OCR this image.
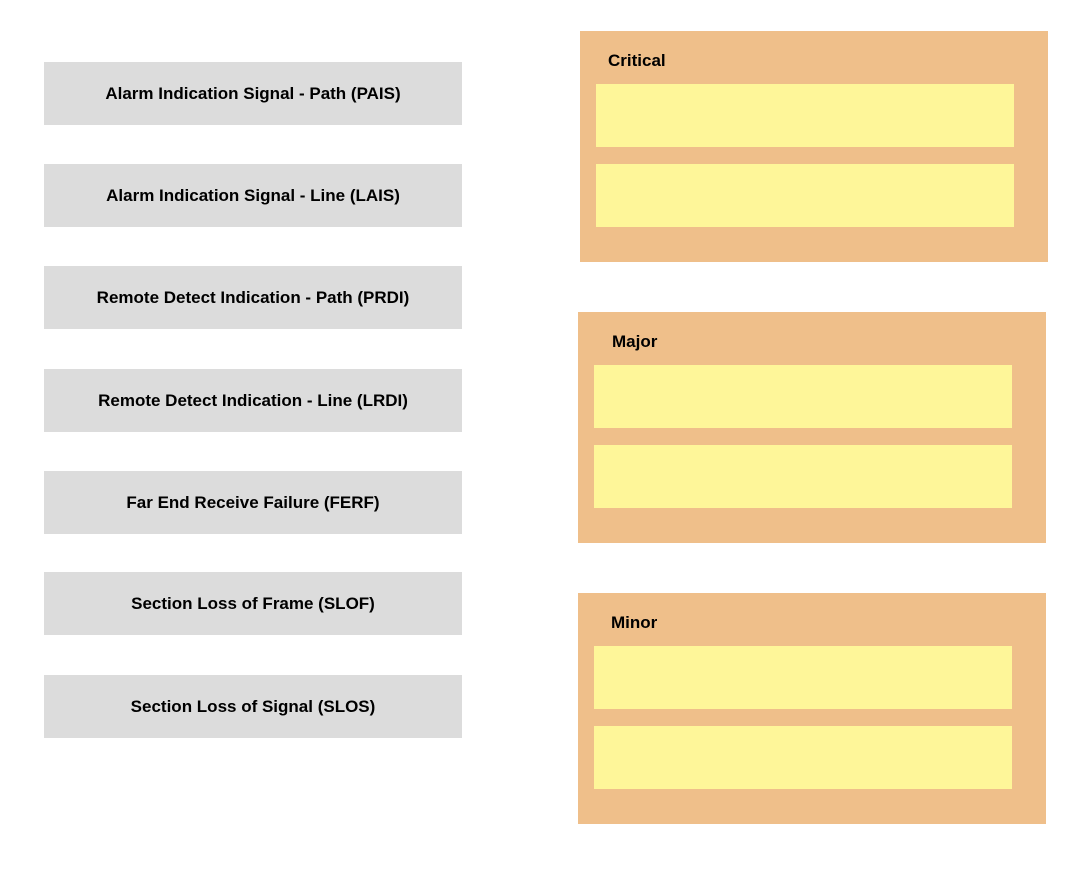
Alarm Indication Signal - Path (PAIS)
Alarm Indication Signal - Line (LAIS)
Remote Detect Indication - Path (PRDI)
Remote Detect Indication - Line (LRDI)
Far End Receive Failure (FERF)
Section Loss of Frame (SLOF)
Section Loss of Signal (SLOS)
Critical
Major
Minor
